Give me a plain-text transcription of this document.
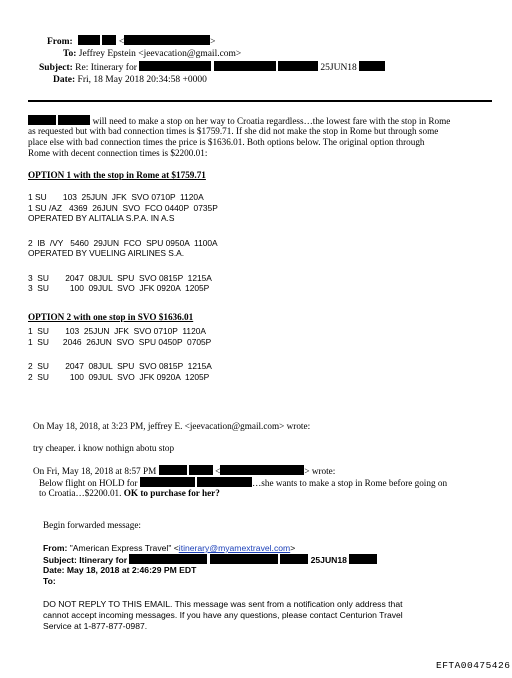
From:	<	>
To: Jeffrey Epstein <jeevacation@gmail.com>
Subject: Re: Itinerary for	25JUN18
Date: Fri, 18 May 2018 20:34:58 +0000
will need to make a stop on her way to Croatia regardless…the lowest fare with the stop in Rome
as requested but with bad connection times is $1759.71. If she did not make the stop in Rome but through some
place else with bad connection times the price is $1636.01. Both options below. The original option through
Rome with decent connection times is $2200.01:
OPTION 1 with the stop in Rome at $1759.71
1 SU       103  25JUN  JFK  SVO 0710P  1120A
1 SU /AZ   4369  26JUN  SVO  FCO 0440P  0735P
OPERATED BY ALITALIA S.P.A. IN A.S
2  IB  /VY   5460  29JUN  FCO  SPU 0950A  1100A
OPERATED BY VUELING AIRLINES S.A.
3  SU       2047  08JUL  SPU  SVO 0815P  1215A
3  SU         100  09JUL  SVO  JFK 0920A  1205P
OPTION 2 with one stop in SVO $1636.01
1  SU       103  25JUN  JFK  SVO 0710P  1120A
1  SU      2046  26JUN  SVO  SPU 0450P  0705P
2  SU       2047  08JUL  SPU  SVO 0815P  1215A
2  SU         100  09JUL  SVO  JFK 0920A  1205P
On May 18, 2018, at 3:23 PM, jeffrey E. <jeevacation@gmail.com> wrote:
try cheaper. i know nothign abotu stop
On Fri, May 18, 2018 at 8:57 PM	<	> wrote:
Below flight on HOLD for	…she wants to make a stop in Rome before going on
to Croatia…$2200.01. OK to purchase for her?
Begin forwarded message:
From: "American Express Travel" <itinerary@myamextravel.com>
Subject: Itinerary for	25JUN18
Date: May 18, 2018 at 2:46:29 PM EDT
To:
DO NOT REPLY TO THIS EMAIL. This message was sent from a notification only address that
cannot accept incoming messages. If you have any questions, please contact Centurion Travel
Service at 1-877-877-0987.
EFTA00475426
